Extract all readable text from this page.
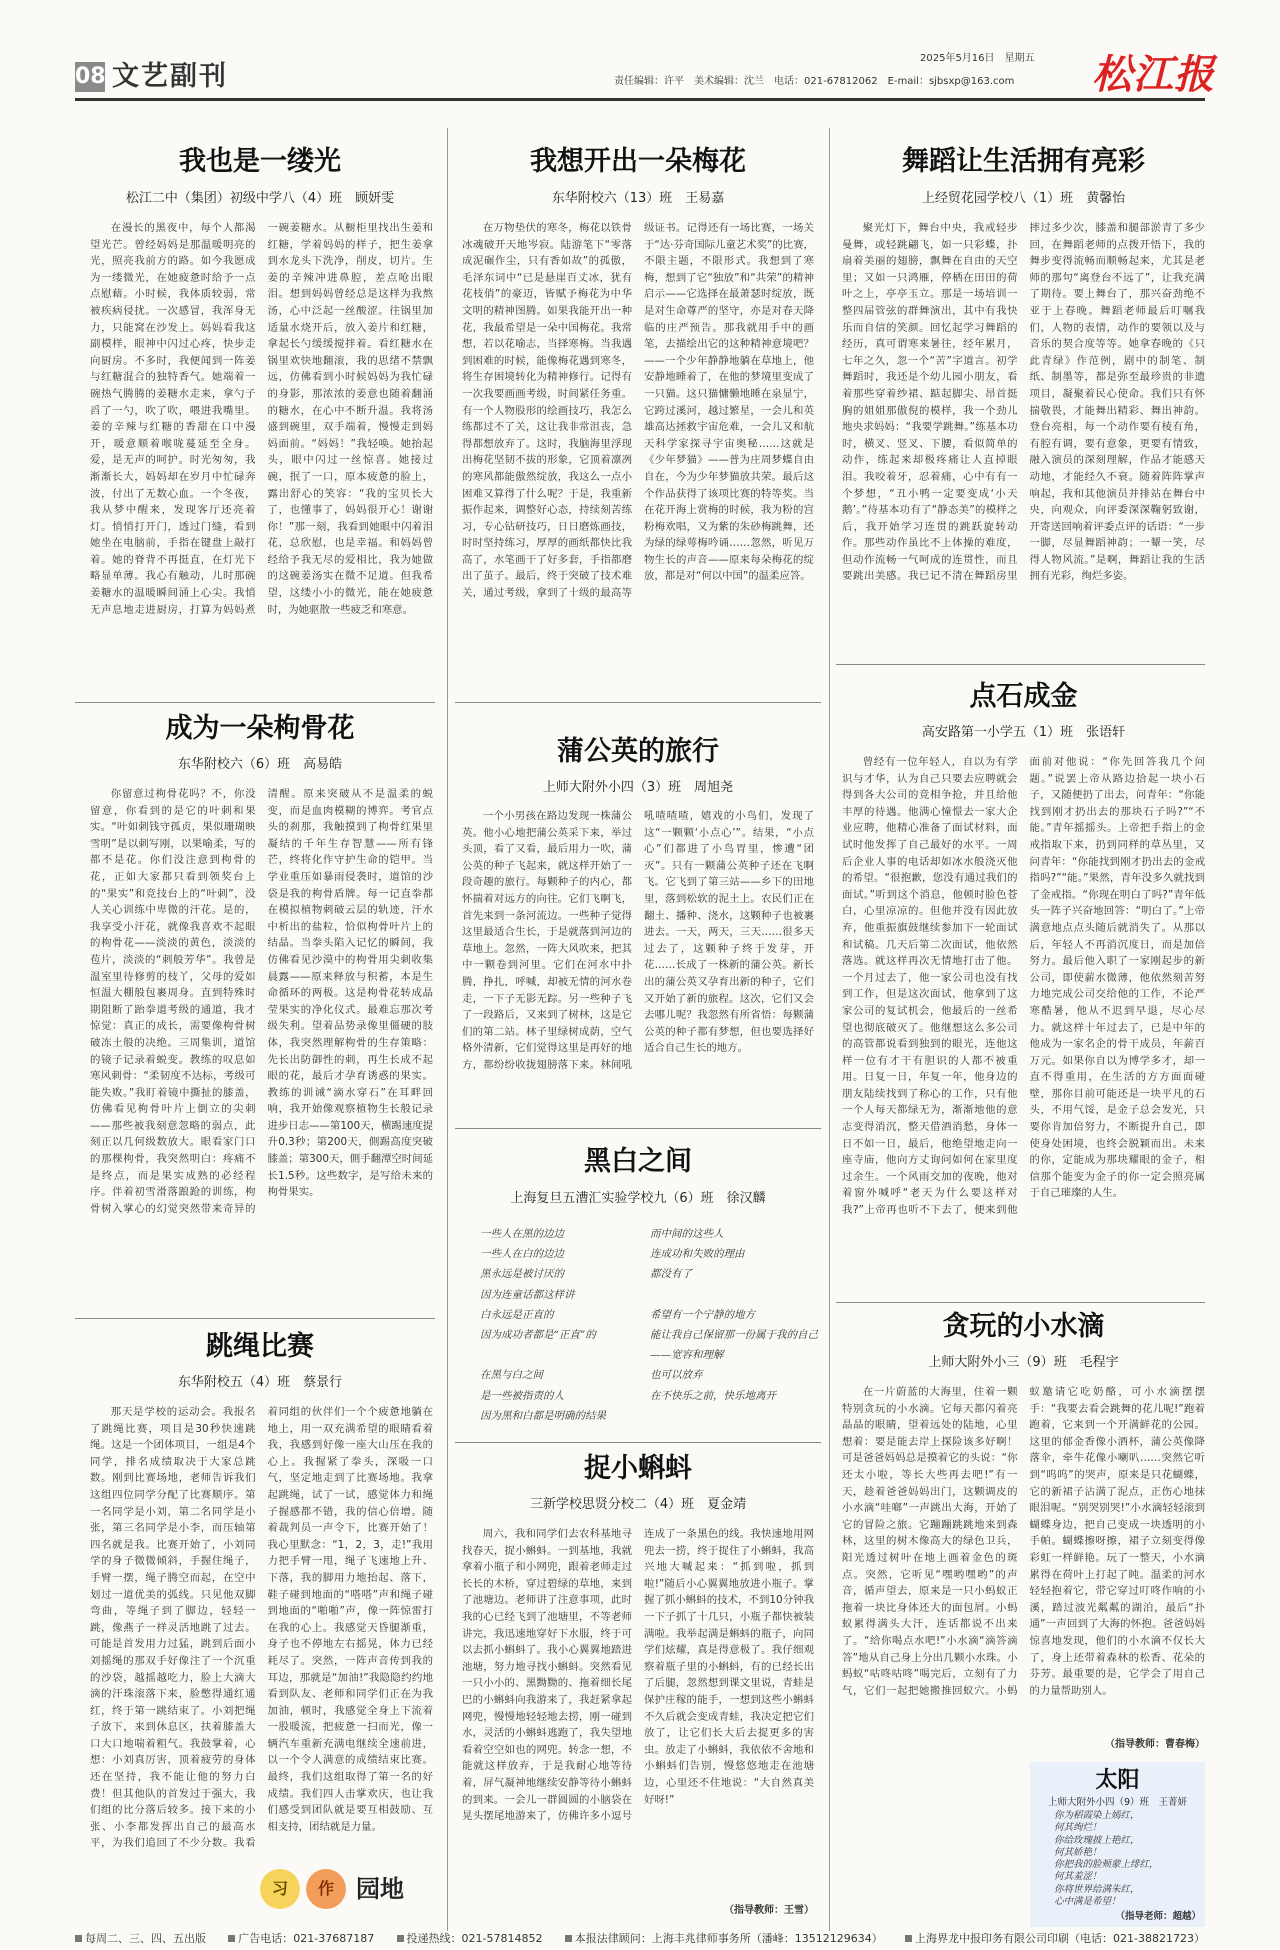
08 文艺副刊
2025年5月16日　星期五
责任编辑：许平　美术编辑：沈兰　电话：021-67812062　E-mail：sjbsxp@163.com 松江报
我也是一缕光
松江二中（集团）初级中学八（4）班　顾妍雯

在漫长的黑夜中，每个人都渴望光芒。曾经妈妈是那温暖明亮的光，照亮我前方的路。如今我愿成为一缕微光，在她疲惫时给予一点点慰藉。小时候，我体质较弱，常被疾病侵扰。一次感冒，我浑身无力，只能窝在沙发上。妈妈看我这副模样，眼神中闪过心疼，快步走向厨房。不多时，我便闻到一阵姜与红糖混合的独特香气。她端着一碗热气腾腾的姜糖水走来，拿勺子舀了一勺，吹了吹，喂进我嘴里。姜的辛辣与红糖的香甜在口中漫开，暖意顺着喉咙蔓延至全身。爱，是无声的呵护。时光匆匆，我渐渐长大，妈妈却在岁月中忙碌奔波，付出了无数心血。一个冬夜，我从梦中醒来，发现客厅还亮着灯。悄悄打开门，透过门缝，看到她坐在电脑前，手指在键盘上敲打着。她的脊背不再挺直，在灯光下略显单薄。我心有触动，儿时那碗姜糖水的温暖瞬间涌上心尖。我悄无声息地走进厨房，打算为妈妈煮一碗姜糖水。从橱柜里找出生姜和红糖，学着妈妈的样子，把生姜拿到水龙头下洗净，削皮，切片。生姜的辛辣冲进鼻腔，差点呛出眼泪。想到妈妈曾经总是这样为我熬汤，心中泛起一丝酸涩。往锅里加适量水烧开后，放入姜片和红糖，拿起长勺缓缓搅拌着。看红糖水在锅里欢快地翻滚，我的思绪不禁飘远，仿佛看到小时候妈妈为我忙碌的身影，那浓浓的姜意也随着翻涌的糖水，在心中不断升温。我将汤盛到碗里，双手端着，慢慢走到妈妈面前。“妈妈！”我轻唤。她抬起头，眼中闪过一丝惊喜。她接过碗，抿了一口，原本疲惫的脸上，露出舒心的笑容：“我的宝贝长大了，也懂事了，妈妈很开心！谢谢你！”那一刻，我看到她眼中闪着泪花，总欣慰，也是幸福。和妈妈曾经给予我无尽的爱相比，我为她做的这碗姜汤实在微不足道。但我希望，这缕小小的微光，能在她疲惫时，为她驱散一些疲乏和寒意。

成为一朵枸骨花
东华附校六（6）班　高易皓

你留意过枸骨花吗？不，你没留意，你看到的是它的叶刺和果实。“叶如刺钱守孤贞，果似珊瑚映雪明”是以刺写刚，以果喻柔，写的都不是花。你们没注意到枸骨的花，正如大家都只看到领奖台上的“果实”和竞技台上的“叶刺”，没人关心训练中卑微的汗花。是的，我享受小汗花，就像我喜欢不起眼的枸骨花——淡淡的黄色，淡淡的苞片，淡淡的“刺般芳华”。我曾是温室里待修剪的枝丫，父母的爱如恒温大棚般包裹周身。直到特殊时期阻断了跆拳道考级的通道，我才惊觉：真正的成长，需要像枸骨树破冻土般的决绝。三周集训，道馆的镜子记录着蜕变。教练的叹息如寒风刺骨：“柔韧度不达标，考级可能失败。”我盯着镜中撕扯的膝盖，仿佛看见枸骨叶片上倒立的尖刺——那些被我刻意忽略的弱点，此刻正以几何级数放大。眼看家门口的那棵枸骨，我突然明白：疼痛不是终点，而是果实成熟的必经程序。伴着初雪滑落踉跄的训练，枸骨树入掌心的幻觉突然带来奇异的清醒。原来突破从不是温柔的蜕变，而是血肉模糊的博弈。考官点头的刹那，我触摸到了枸骨红果里凝结的千年生存智慧——所有锋芒，终将化作守护生命的铠甲。当学业重压如暴雨侵袭时，道馆的沙袋是我的枸骨盾牌。每一记直拳都在模拟植物刺破云层的轨迹，汗水中析出的盐粒，恰似枸骨叶片上的结晶。当拳头陷入记忆的瞬间，我仿佛看见沙漠中的枸骨用尖刺收集晨露——原来释放与积蓄，本是生命循环的两极。这是枸骨花转成晶莹果实的净化仪式。最难忘那次考级失利。望着品势录像里僵硬的肢体，我突然理解枸骨的生存策略：先长出防御性的刺，再生长成不起眼的花，最后才孕育诱惑的果实。教练的训诫“滴水穿石”在耳畔回响，我开始像观察植物生长般记录进步日志——第100天，横踢速度提升0.3秒；第200天，側踢高度突破膝盖；第300天，側手翻潭空时间延长1.5秒。这些数字，是写给未来的枸骨果实。

跳绳比赛
东华附校五（4）班　蔡景行

那天是学校的运动会。我报名了跳绳比赛，项目是30秒快速跳绳。这是一个团体项目，一组是4个同学，排名成绩取决于大家总跳数。刚到比赛场地，老师告诉我们这组四位同学分配了比赛顺序。第一名同学是小刘，第二名同学是小张，第三名同学是小李，而压轴第四名就是我。比赛开始了，小刘同学的身子微微倾斜，手握住绳子，手臂一摆，绳子腾空而起，在空中划过一道优美的弧线。只见他双脚弯曲，等绳子到了脚边，轻轻一跳，像燕子一样灵活地跳了过去。可能是首发用力过猛，跳到后面小刘摇绳的那双手好像注了一个沉重的沙袋，越摇越吃力，脸上大滴大滴的汗珠滚落下来，脸憋得通红通红，终于第一跳结束了。小刘把绳子放下，来到休息区，扶着膝盖大口大口地喘着粗气。我鼓掌着，心想：小刘真厉害，顶着疲劳的身体还在坚持，我不能让他的努力白费！但其他队的首发过于强大，我们组的比分落后较多。接下来的小张、小李都发挥出自己的最高水平，为我们追回了不少分数。我看着同组的伙伴们一个个疲惫地躺在地上，用一双充满希望的眼睛看着我，我感到好像一座大山压在我的心上。我握紧了拳头，深吸一口气，坚定地走到了比赛场地。我拿起跳绳，试了一试，感觉体力和绳子握感都不错，我的信心倍增。随着裁判员一声令下，比赛开始了！我心里默念：“1，2，3，走!”我用力把手臂一甩，绳子飞速地上升、下落，我的脚用力地抬起、落下，鞋子碰到地面的“嗒嗒”声和绳子碰到地面的“啪啪”声，像一阵惊雷打在我的心上。我感觉天昏腿渐重，身子也不停地左右摇晃，体力已经耗尽了。突然，一阵声音传到我的耳边，那就是“加油!”我隐隐约约地看到队友、老师和同学们正在为我加油，顿时，我感觉全身上下流着一股暖流，把疲惫一扫而光，像一辆汽车重新充满电继续全速前进，以一个令人满意的成绩结束比赛。最终，我们这组取得了第一名的好成绩。我们四人击掌欢庆，也让我们感受到团队就是要互相鼓励、互相支持，团结就是力量。

习	作 园地
我想开出一朵梅花
东华附校六（13）班　王易嘉

在万物垫伏的寒冬，梅花以铁骨冰魂破开天地岑寂。陆游笔下“零落成泥碾作尘，只有香如故”的孤傲，毛泽东词中“已是悬崖百丈冰，犹有花枝俏”的豪迈，皆赋予梅花为中华文明的精神图腾。如果我能开出一种花，我最希望是一朵中国梅花。我常想，若以花喻志，当择寒梅。当我遇到困难的时候，能像梅花遇到寒冬，将生存困境转化为精神修行。记得有一次我要画画考级，时间紧任务重。有一个人物股形的绘画技巧，我怎么练都过不了关，这让我非常沮丧，急得都想放弃了。这时，我脑海里浮现出梅花坚韧不拔的形象，它顶着凛冽的寒风都能傲然绽放，我这么一点小困难又算得了什么呢？于是，我重新振作起来，调整好心态，持续刻苦练习，专心钻研技巧，日日磨炼画技，时时坚持练习，厚厚的画纸都快比我高了，水笔画干了好多套，手指都磨出了茧子。最后，终于突破了技术难关，通过考级，拿到了十级的最高等级证书。记得还有一场比赛，一场关于“达·芬奇国际儿童艺术奖”的比赛，不限主题，不限形式。我想到了寒梅，想到了它“独放”和“共荣”的精神启示——它选择在最萧瑟时绽放，既是对生命尊严的坚守，亦是对春天降临的庄严预告。那我就用手中的画笔，去描绘出它的这种精神意境吧？——一个少年静静地躺在草地上，他安静地睡着了，在他的梦境里变成了一只猫。这只猫慵懒地睡在泉显宁，它跨过溪河，越过繁星，一会儿和英雄高达拯救宇宙危难，一会儿又和航天科学家探寻宇宙奥秘……这就是《少年梦猫》——普为庄周梦蝶自由自在，今为少年梦猫放共荣。最后这个作品获得了该项比赛的特等奖。当在花开海上赏梅的时候，我为粉的宫粉梅欢唱，又为紫的朱砂梅跳舞，还为绿的绿萼梅吟诵……忽然，听见万物生长的声音——原来每朵梅花的绽放，都是对“何以中国”的温柔应答。

蒲公英的旅行
上师大附外小四（3）班　周旭尧

一个小男孩在路边发现一株蒲公英。他小心地把蒲公英采下来，举过头顶，看了又看，最后用力一吹，蒲公英的种子飞起来，就这样开始了一段奇趣的旅行。每颗种子的内心，都怀揣着对远方的向往。它们飞啊飞，首先来到一条河流边。一些种子觉得这里最适合生长，于是就落到河边的草地上。忽然，一阵大风吹来，把其中一颗卷到河里。它们在河水中扑腾，挣扎，呼喊，却被无情的河水卷走，一下子无影无踪。另一些种子飞了一段路后，又来到了树林，这是它们的第二站。林子里绿树成荫，空气格外清新，它们觉得这里是再好的地方，都纷纷收拢翅膀落下来。林间吼吼喳喳喳，嬉戏的小鸟们，发现了这“一颗颗‘小点心’”。结果，“小点心”们都进了小鸟胃里，惨遭“团灭”。只有一颗蒲公英种子还在飞啊飞。它飞到了第三站——乡下的田地里，落到松软的泥土上。农民们正在翻土、播种、浇水，这颗种子也被裹进去。一天，两天，三天……很多天过去了，这颗种子终于发芽，开花……长成了一株新的蒲公英。新长出的蒲公英又孕育出新的种子，它们又开始了新的旅程。这次，它们又会去哪儿呢？我忽然有所省悟：每颗蒲公英的种子都有梦想，但也要选择好适合自己生长的地方。

黑白之间
上海复旦五漕汇实验学校九（6）班　徐汉麟
一些人在黑的边边
一些人在白的边边
黑永远是被讨厌的
因为连童话都这样讲
白永远是正直的
因为成功者都是“正直”的

在黑与白之间
是一些被指责的人
因为黑和白都是明确的结果
而中间的这些人
连成功和失败的理由
都没有了

希望有一个宁静的地方
能让我自己保留那一份属于我的自己
——宽容和理解
也可以放弃
在不快乐之前，快乐地离开
捉小蝌蚪
三新学校思贤分校二（4）班　夏金靖

周六，我和同学们去农科基地寻找春天，捉小蝌蚪。一到基地，我就拿着小瓶子和小网兜，跟着老师走过长长的木桥，穿过碧绿的草地，来到了池塘边。老师讲了注意事项，此时我的心已经飞到了池塘里，不等老师讲完，我迅速地穿好下水服，终于可以去抓小蝌蚪了。我小心翼翼地踏进池塘，努力地寻找小蝌蚪。突然看见一只小小的、黑黝黝的、拖着细长尾巴的小蝌蚪向我游来了，我赶紧拿起网兜，慢慢地轻轻地去捞，刚一碰到水，灵活的小蝌蚪逃跑了，我失望地看着空空如也的网兜。转念一想，不能就这样放弃，于是我耐心地等待着，屏气凝神地继续安静等待小蝌蚪的到来。一会儿一群圆圆的小脑袋在晃头摆尾地游来了，仿佛许多小逗号连成了一条黑色的线。我快速地用网兜去一捞，终于捉住了小蝌蚪，我高兴地大喊起来：“抓到啦，抓到啦!”随后小心翼翼地放进小瓶子。掌握了抓小蝌蚪的技术，不到10分钟我一下子抓了十几只，小瓶子都快被装满啦。我举起满是蝌蚪的瓶子，向同学们炫耀，真是得意极了。我仔细观察着瓶子里的小蝌蚪，有的已经长出了后腿，忽然想到课文里说，青蛙是保护庄稼的能手，一想到这些小蝌蚪不久后就会变成青蛙，我决定把它们放了，让它们长大后去捉更多的害虫。放走了小蝌蚪，我依依不舍地和小蝌蚪们告别，慢悠悠地走在池塘边，心里还不住地说：“大自然真美好呀!”

（指导教师：王雪）
舞蹈让生活拥有亮彩
上经贸花园学校八（1）班　黄馨怡

聚光灯下，舞台中央，我戒轻步曼舞，或轻跳翩飞，如一只彩蝶，扑扇着美丽的翅膀，飘舞在自由的天空里；又如一只鸿雁，停栖在田田的荷叶之上，亭亭玉立。那是一场培训一整四届管弦的群舞演出，其中有我快乐而自信的笑颜。回忆起学习舞蹈的经历，真可谓寒来暑往，经年累月，七年之久，忽一个“苦”字道言。初学舞蹈时，我还是个幼儿园小朋友，看着那些穿着纱裙、踮起脚尖、昂首挺胸的姐姐那傲倪的模样，我一个劲儿地央求妈妈：“我要学跳舞。”练基本功时，横叉、竖叉、下腰，看似简单的动作，练起来却极疼痛让人直掉眼泪。我咬着牙，忍着痛，心中有有一个梦想，“丑小鸭一定要变成‘小天鹅’。”待基本功有了“静态美”的模样之后，我开始学习连贯的跳跃旋转动作。那些动作虽比不上体操的难度，但动作流畅一气呵成的连贯性，而且要跳出美感。我已记不清在舞蹈房里摔过多少次，膝盖和腿部淤青了多少回，在舞蹈老师的点拨开悟下，我的舞步变得流畅而顺畅起来，尤其是老师的那句“离登台不远了”，让我充满了期待。要上舞台了，那兴奋劲绝不亚于上春晚。舞蹈老师最后叮嘱我们，人物的表情，动作的要领以及与音乐的契合度等等。她拿春晚的《只此青绿》作范例，剧中的制笔、制纸、制墨等，都是弥至最珍贵的非遗项目，凝聚着民心使命。我们只有怀揣敬畏，才能舞出精彩、舞出神韵。登台亮相，每一个动作要有棱有角，有腔有调，要有意象，更要有情致，融入演员的深刻理解，作品才能感天动地，才能经久不衰。随着阵阵掌声响起，我和其他演员并排站在舞台中央，向观众，向评委深深鞠躬致谢，开寄送回响着评委点评的话语：“一步一脚，尽显舞蹈神韵；一颦一笑，尽得人物风流。”是啊，舞蹈让我的生活拥有光彩，绚烂多姿。

点石成金
高安路第一小学五（1）班　张语轩

曾经有一位年轻人，自以为有学识与才华，认为自己只要去应聘就会得到各大公司的竞相争抢，并且给他丰厚的待遇。他满心憧憬去一家大企业应聘，他精心准备了面试材料，面试时他发挥了自己最好的水平。一周后企业人事的电话却如冰水般浇灭他的希望。“很抱歉，您没有通过我们的面试。”听到这个消息，他顿时脸色苍白，心里凉凉的。但他并没有因此放弃，他重振旗鼓继续参加下一轮面试和试稿。几天后第二次面试，他依然落选。就这样再次无情地打击了他。一个月过去了，他一家公司也没有找到工作，但是这次面试，他拿到了这家公司的复试机会，他最后的一丝希望也彻底破灭了。他继想这么多公司的高管都说看到独到的眼光，连他这样一位有才干有胆识的人都不被重用。日复一日，年复一年，他身边的朋友陆续找到了称心的工作，只有他一个人每天都绿无为，渐渐地他的意志变得消沉，整天借酒消愁，身体一日不如一日，最后，他绝望地走向一座寺庙，他向方丈询问如何在家里度过余生。一个风雨交加的夜晚，他对着窗外喊呼“老天为什么要这样对我?”上帝再也听不下去了，便来到他面前对他说：“你先回答我几个问题。”说罢上帝从路边拾起一块小石子，又随便扔了出去，问青年：“你能找到刚才扔出去的那块石子吗?”“不能。”青年摇摇头。上帝把手指上的金戒指取下来，扔到同样的草丛里，又问青年：“你能找到刚才扔出去的金戒指吗?”“能。”果然，青年没多久就找到了金戒指。“你现在明白了吗?”青年低头一阵子兴奋地回答：“明白了。”上帝满意地点点头随后就消失了。从那以后，年轻人不再消沉度日，而是加倍努力。最后他入职了一家刚起步的新公司，即使薪水微薄，他依然刻苦努力地完成公司交给他的工作，不论严寒酷暑，他从不迟到早退，尽心尽力。就这样十年过去了，已是中年的他成为一家名企的骨干成员，年薪百万元。如果你自以为博学多才，却一直不得重用，在生活的方方面面碰壁，那你目前可能还是一块平凡的石头，不用气馁，是金子总会发光，只要你肯加倍努力，不断提升自己，即使身处困境，也终会脱颖而出。未来的你，定能成为那块耀眼的金子，相信那个能变为金子的你一定会照亮属于自己璀璨的人生。

贪玩的小水滴
上师大附外小三（9）班　毛程宇

在一片蔚蓝的大海里，住着一颗特别贪玩的小水滴。它每天都闪着亮晶晶的眼睛，望着远处的陆地，心里想着：要是能去岸上探险该多好啊！可是爸爸妈妈总是摸着它的头说：“你还太小啦，等长大些再去吧!”有一天，趁着爸爸妈妈出门，这颗调皮的小水滴“哇啷”一声跳出大海，开始了它的冒险之旅。它蹦蹦跳跳地来到森林，这里的树木像高大的绿色卫兵，阳光透过树叶在地上画着金色的斑点。突然，它听见“嘿哟嘿哟”的声音，循声望去，原来是一只小蚂蚁正拖着一块比身体还大的面包屑。小蚂蚁累得满头大汗，连话都说不出来了。“给你喝点水吧!”小水滴“滴答滴答”地从自己身上分出几颗小水珠。小蚂蚁“咕咚咕咚”喝完后，立刻有了力气，它们一起把她搬推回蚁穴。小蚂蚁邀请它吃奶酪，可小水滴摆摆手：“我要去看会跳舞的花儿呢!”跑着跑着，它来到一个开满鲜花的公园。这里的郁金香像小酒杯，蒲公英像降落伞，牵牛花像小喇叭……突然它听到“呜呜”的哭声，原来是只花蝴蝶，它的新裙子沾满了泥点，正伤心地抹眼泪呢。“别哭别哭!”小水滴轻轻滚到蝴蝶身边，把自己变成一块透明的小手帕。蝴蝶擦呀擦，裙子立刻变得像彩虹一样鲜艳。玩了一整天，小水滴累得在荷叶上打起了盹。温柔的河水轻轻抱着它，带它穿过叮咚作响的小溪，踏过波光粼粼的湖泊，最后“扑通”一声回到了大海的怀抱。爸爸妈妈惊喜地发现，他们的小水滴不仅长大了，身上还带着森林的松香、花朵的芬芳。最重要的是，它学会了用自己的力量帮助别人。

（指导教师：曹春梅）
太阳
上师大附外小四（9）班　王菁妍
你为稻霞染上嫣红，
何其绚烂！
你给玫瑰披上艳红，
何其娇艳！
你把我的脸颊蒙上绯红，
何其羞涩！
你将世界给满朱红，
心中满是希望！
（指导老师：超越）
每周二、三、四、五出版	广告电话：021-37687187	投递热线：021-57814852	本报法律顾问：上海丰兆律师事务所（潘峰：13512129634）	上海界龙中报印务有限公司印刷（电话：021-38821723）
